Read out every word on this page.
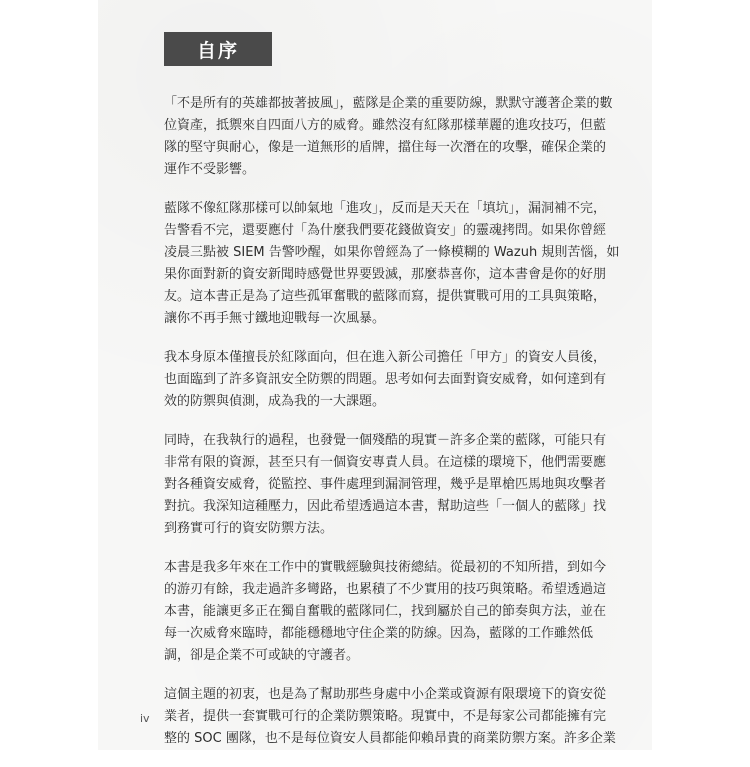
自序

「不是所有的英雄都披著披風」，藍隊是企業的重要防線，默默守護著企業的數
位資產，抵禦來自四面八方的威脅。雖然沒有紅隊那樣華麗的進攻技巧，但藍
隊的堅守與耐心，像是一道無形的盾牌，擋住每一次潛在的攻擊，確保企業的
運作不受影響。

藍隊不像紅隊那樣可以帥氣地「進攻」，反而是天天在「填坑」，漏洞補不完，
告警看不完，還要應付「為什麼我們要花錢做資安」的靈魂拷問。如果你曾經
凌晨三點被 SIEM 告警吵醒，如果你曾經為了一條模糊的 Wazuh 規則苦惱，如
果你面對新的資安新聞時感覺世界要毀滅，那麼恭喜你，這本書會是你的好朋
友。這本書正是為了這些孤軍奮戰的藍隊而寫，提供實戰可用的工具與策略，
讓你不再手無寸鐵地迎戰每一次風暴。

我本身原本僅擅長於紅隊面向，但在進入新公司擔任「甲方」的資安人員後，
也面臨到了許多資訊安全防禦的問題。思考如何去面對資安威脅，如何達到有
效的防禦與偵測，成為我的一大課題。

同時，在我執行的過程，也發覺一個殘酷的現實－許多企業的藍隊，可能只有
非常有限的資源，甚至只有一個資安專責人員。在這樣的環境下，他們需要應
對各種資安威脅，從監控、事件處理到漏洞管理，幾乎是單槍匹馬地與攻擊者
對抗。我深知這種壓力，因此希望透過這本書，幫助這些「一個人的藍隊」找
到務實可行的資安防禦方法。

本書是我多年來在工作中的實戰經驗與技術總結。從最初的不知所措，到如今
的游刃有餘，我走過許多彎路，也累積了不少實用的技巧與策略。希望透過這
本書，能讓更多正在獨自奮戰的藍隊同仁，找到屬於自己的節奏與方法，並在
每一次威脅來臨時，都能穩穩地守住企業的防線。因為，藍隊的工作雖然低
調，卻是企業不可或缺的守護者。

這個主題的初衷，也是為了幫助那些身處中小企業或資源有限環境下的資安從
業者，提供一套實戰可行的企業防禦策略。現實中，不是每家公司都能擁有完
整的 SOC 團隊，也不是每位資安人員都能仰賴昂貴的商業防禦方案。許多企業

iv
